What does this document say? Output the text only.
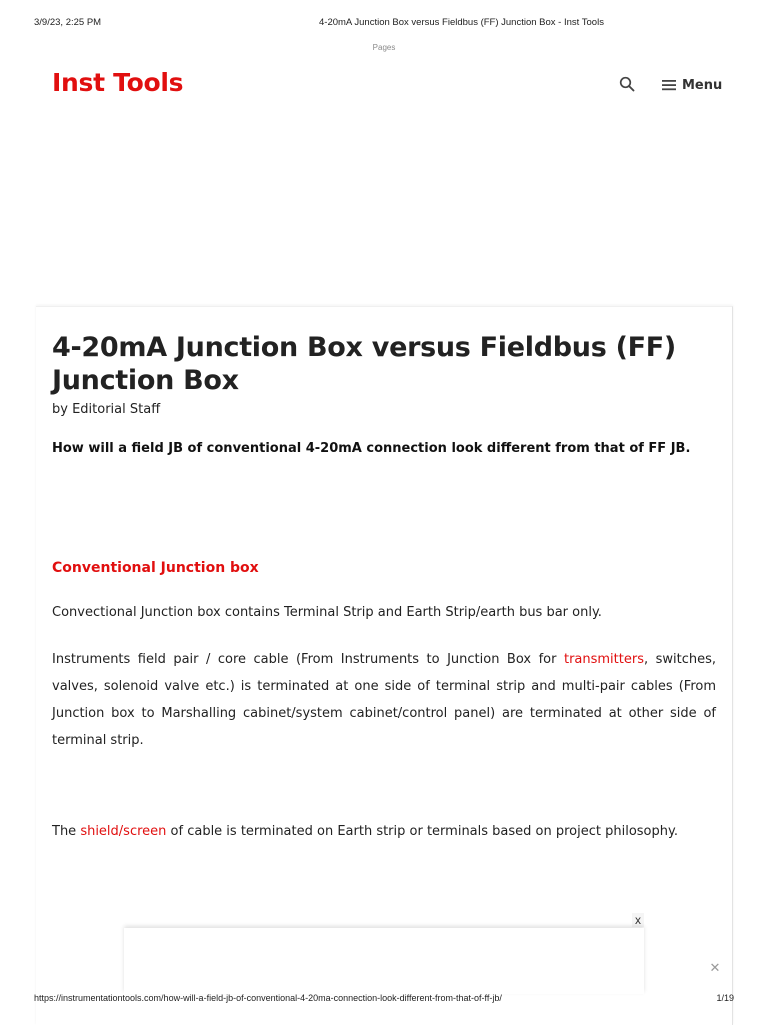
3/9/23, 2:25 PM	4-20mA Junction Box versus Fieldbus (FF) Junction Box - Inst Tools
Pages
Inst Tools	Menu
4-20mA Junction Box versus Fieldbus (FF) Junction Box
by Editorial Staff
How will a field JB of conventional 4-20mA connection look different from that of FF JB.
Conventional Junction box

Convectional Junction box contains Terminal Strip and Earth Strip/earth bus bar only.

Instruments field pair / core cable (From Instruments to Junction Box for transmitters, switches, valves, solenoid valve etc.) is terminated at one side of terminal strip and multi-pair cables (From Junction box to Marshalling cabinet/system cabinet/control panel) are terminated at other side of terminal strip.

The shield/screen of cable is terminated on Earth strip or terminals based on project philosophy.

x
✕
https://instrumentationtools.com/how-will-a-field-jb-of-conventional-4-20ma-connection-look-different-from-that-of-ff-jb/	1/19
